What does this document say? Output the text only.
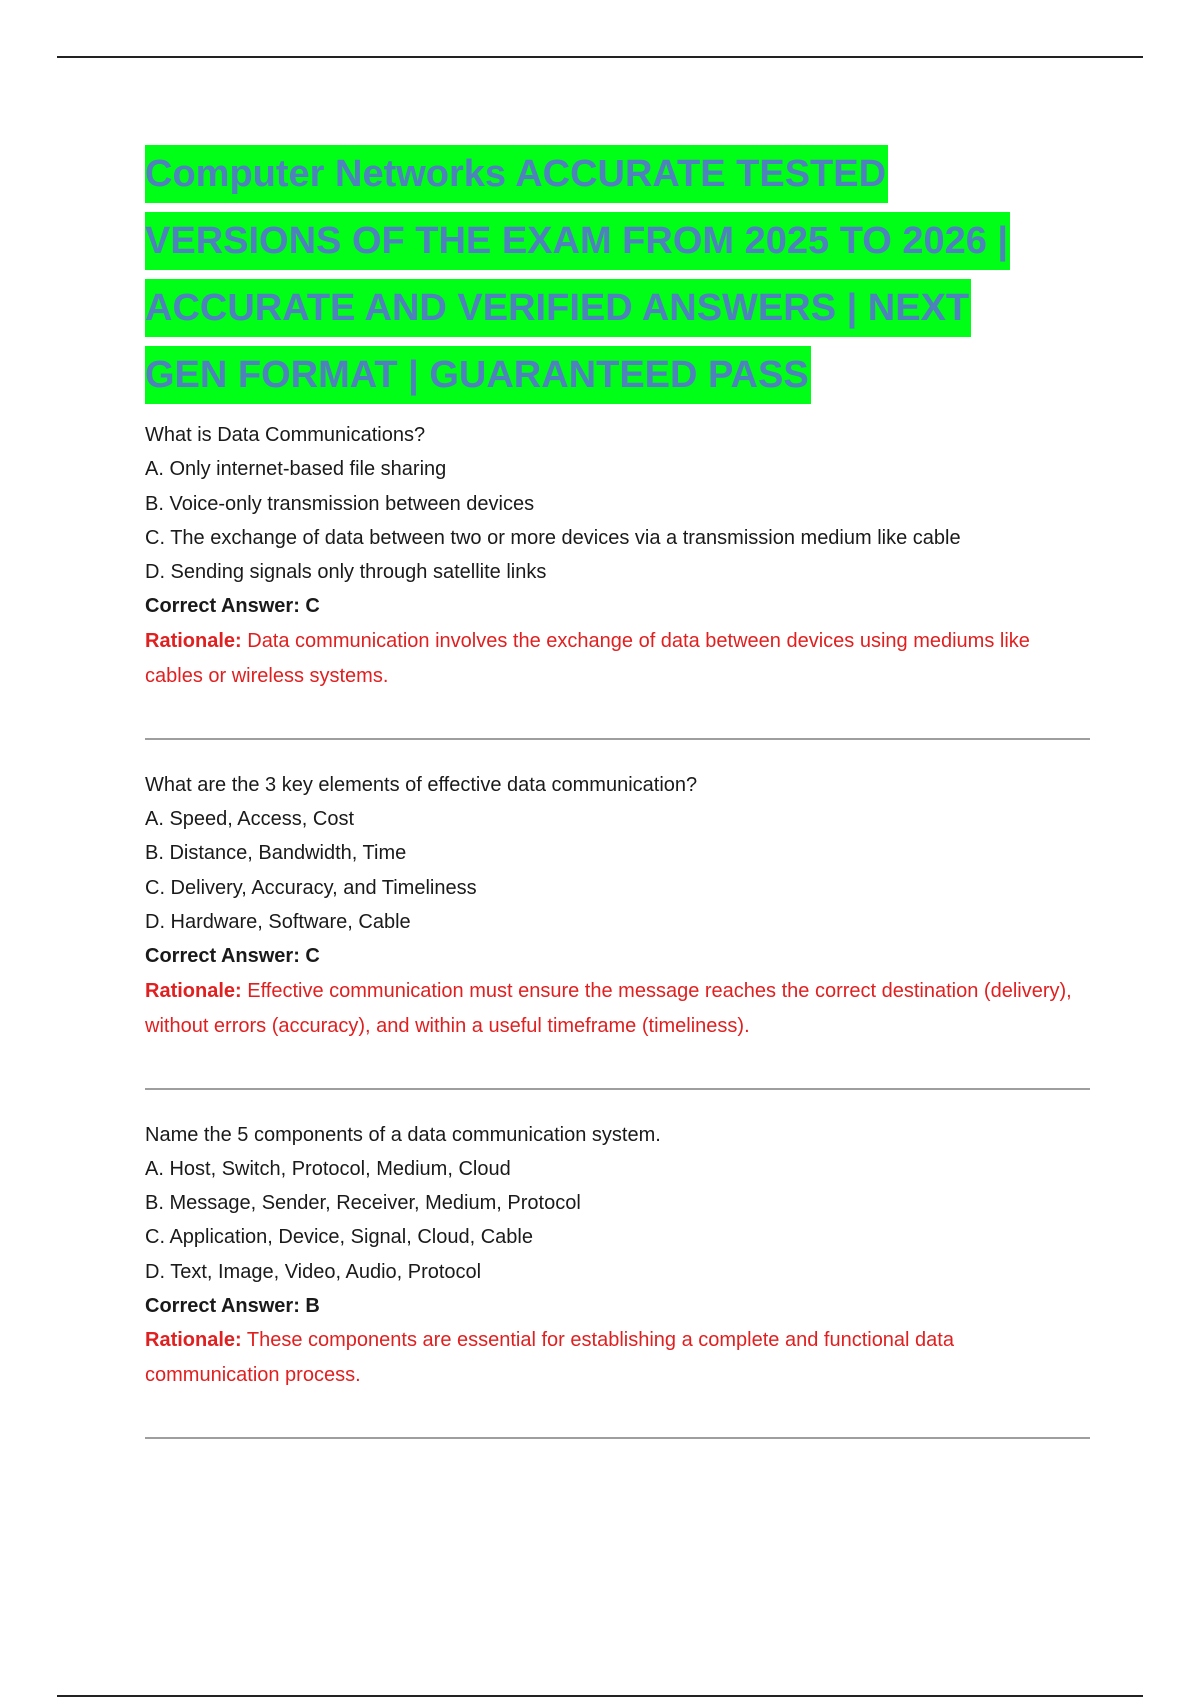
Computer Networks ACCURATE TESTED
VERSIONS OF THE EXAM FROM 2025 TO 2026 |
ACCURATE AND VERIFIED ANSWERS | NEXT
GEN FORMAT | GUARANTEED PASS
What is Data Communications?
A. Only internet-based file sharing
B. Voice-only transmission between devices
C. The exchange of data between two or more devices via a transmission medium like cable
D. Sending signals only through satellite links
Correct Answer: C
Rationale: Data communication involves the exchange of data between devices using mediums like cables or wireless systems.
What are the 3 key elements of effective data communication?
A. Speed, Access, Cost
B. Distance, Bandwidth, Time
C. Delivery, Accuracy, and Timeliness
D. Hardware, Software, Cable
Correct Answer: C
Rationale: Effective communication must ensure the message reaches the correct destination (delivery), without errors (accuracy), and within a useful timeframe (timeliness).
Name the 5 components of a data communication system.
A. Host, Switch, Protocol, Medium, Cloud
B. Message, Sender, Receiver, Medium, Protocol
C. Application, Device, Signal, Cloud, Cable
D. Text, Image, Video, Audio, Protocol
Correct Answer: B
Rationale: These components are essential for establishing a complete and functional data communication process.
